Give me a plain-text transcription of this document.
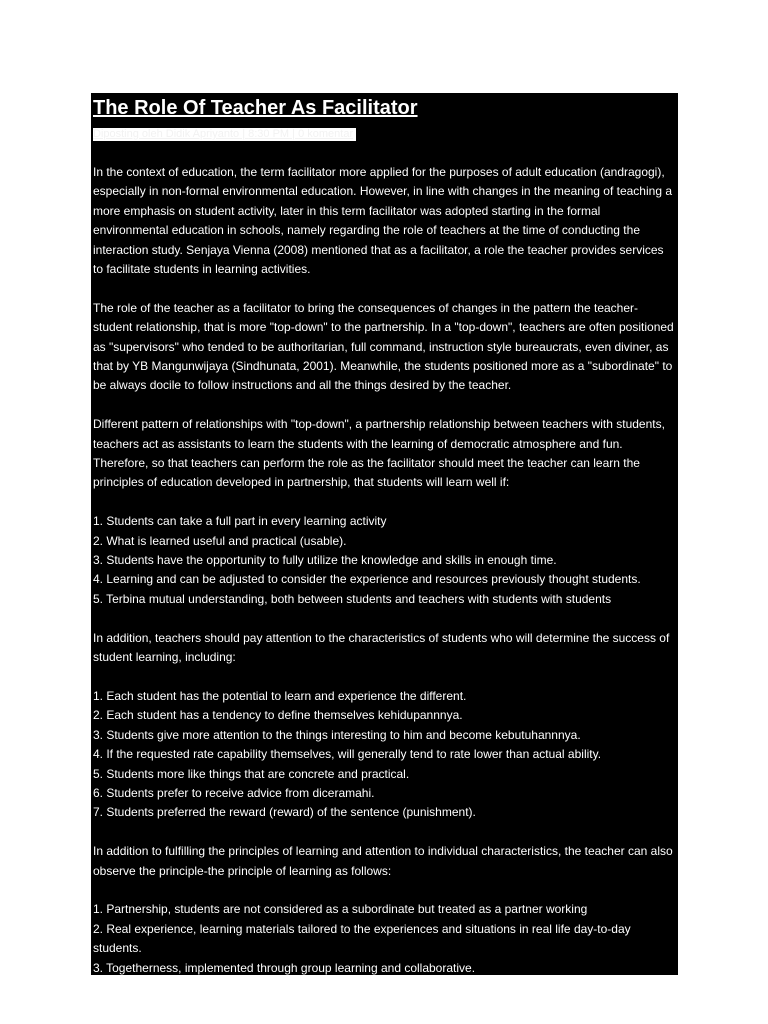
The Role Of Teacher As Facilitator
Diposting oleh Didik Apriyanto | 8:30 PM | 0 komentar

In the context of education, the term facilitator more applied for the purposes of adult education (andragogi), especially in non-formal environmental education. However, in line with changes in the meaning of teaching a more emphasis on student activity, later in this term facilitator was adopted starting in the formal environmental education in schools, namely regarding the role of teachers at the time of conducting the interaction study. Senjaya Vienna (2008) mentioned that as a facilitator, a role the teacher provides services to facilitate students in learning activities.

The role of the teacher as a facilitator to bring the consequences of changes in the pattern the teacher-student relationship, that is more "top-down" to the partnership. In a "top-down", teachers are often positioned as "supervisors" who tended to be authoritarian, full command, instruction style bureaucrats, even diviner, as that by YB Mangunwijaya (Sindhunata, 2001). Meanwhile, the students positioned more as a "subordinate" to be always docile to follow instructions and all the things desired by the teacher.

Different pattern of relationships with "top-down", a partnership relationship between teachers with students, teachers act as assistants to learn the students with the learning of democratic atmosphere and fun. Therefore, so that teachers can perform the role as the facilitator should meet the teacher can learn the principles of education developed in partnership, that students will learn well if:

1. Students can take a full part in every learning activity
2. What is learned useful and practical (usable).
3. Students have the opportunity to fully utilize the knowledge and skills in enough time.
4. Learning and can be adjusted to consider the experience and resources previously thought students.
5. Terbina mutual understanding, both between students and teachers with students with students

In addition, teachers should pay attention to the characteristics of students who will determine the success of student learning, including:

1. Each student has the potential to learn and experience the different.
2. Each student has a tendency to define themselves kehidupannnya.
3. Students give more attention to the things interesting to him and become kebutuhannnya.
4. If the requested rate capability themselves, will generally tend to rate lower than actual ability.
5. Students more like things that are concrete and practical.
6. Students prefer to receive advice from diceramahi.
7. Students preferred the reward (reward) of the sentence (punishment).

In addition to fulfilling the principles of learning and attention to individual characteristics, the teacher can also observe the principle-the principle of learning as follows:

1. Partnership, students are not considered as a subordinate but treated as a partner working
2. Real experience, learning materials tailored to the experiences and situations in real life day-to-day students.
3. Togetherness, implemented through group learning and collaborative.
4. Participation, each student involved in the decision making process so that they feel responsible for the
